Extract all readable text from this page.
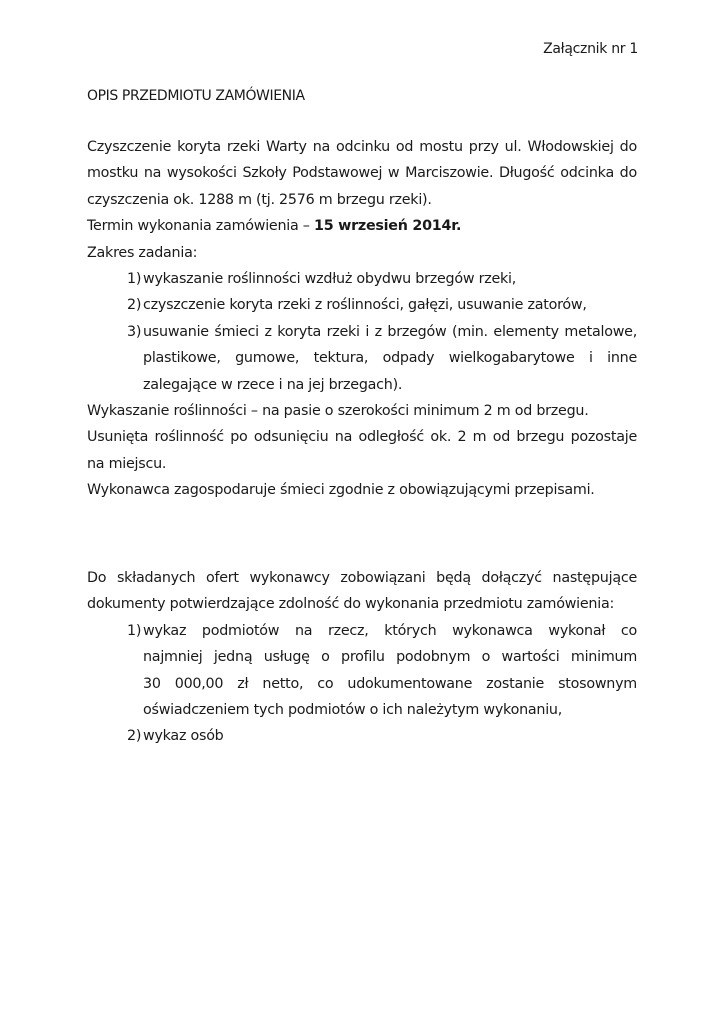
Załącznik nr 1
OPIS PRZEDMIOTU ZAMÓWIENIA

Czyszczenie koryta rzeki Warty na odcinku od mostu przy ul. Włodowskiej do

mostku na wysokości Szkoły Podstawowej w Marciszowie. Długość odcinka do

czyszczenia ok. 1288 m (tj. 2576 m brzegu rzeki).

Termin wykonania zamówienia – 15 wrzesień 2014r.

Zakres zadania:

1) wykaszanie roślinności wzdłuż obydwu brzegów rzeki,
2) czyszczenie koryta rzeki z roślinności, gałęzi, usuwanie zatorów,
3) usuwanie śmieci z koryta rzeki i z brzegów (min. elementy metalowe,
plastikowe, gumowe, tektura, odpady wielkogabarytowe i inne
zalegające w rzece i na jej brzegach).

Wykaszanie roślinności – na pasie o szerokości minimum 2 m od brzegu.

Usunięta roślinność po odsunięciu na odległość ok. 2 m od brzegu pozostaje

na miejscu.

Wykonawca zagospodaruje śmieci zgodnie z obowiązującymi przepisami.

Do składanych ofert wykonawcy zobowiązani będą dołączyć następujące

dokumenty potwierdzające zdolność do wykonania przedmiotu zamówienia:

1) wykaz podmiotów na rzecz, których wykonawca wykonał co
najmniej jedną usługę o profilu podobnym o wartości minimum
30 000,00 zł netto, co udokumentowane zostanie stosownym
oświadczeniem tych podmiotów o ich należytym wykonaniu,
2) wykaz osób
